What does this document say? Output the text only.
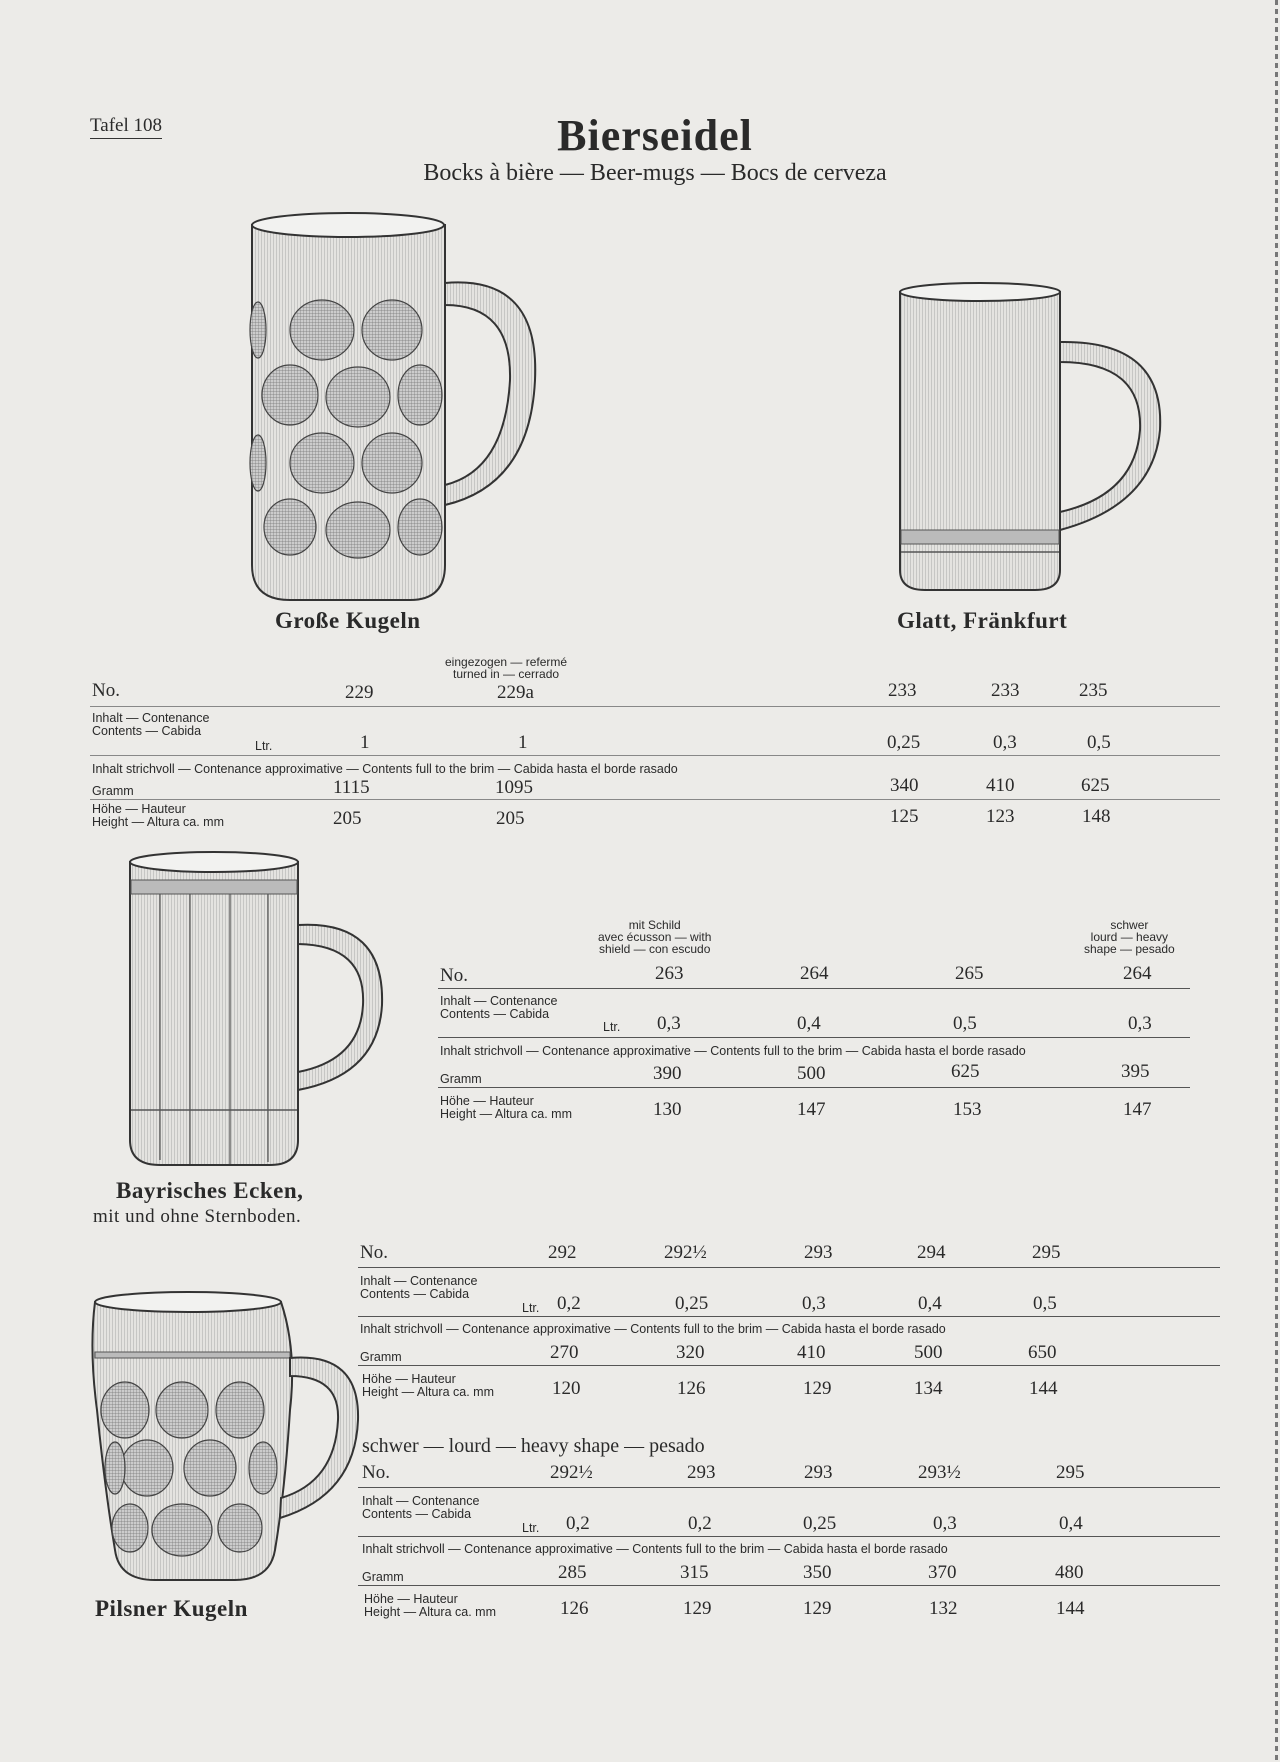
Tafel 108	Bierseidel
Bocks à bière — Beer-mugs — Bocs de cerveza
Große Kugeln	Glatt, Fränkfurt
eingezogen — refermé
turned in — cerrado
No.	229	229a	233	233	235
Inhalt — Contenance
Contents — Cabida
Ltr.	1	1	0,25	0,3	0,5
Inhalt strichvoll — Contenance approximative — Contents full to the brim — Cabida hasta el borde rasado
Gramm	1115	1095	340	410	625
Höhe — Hauteur
Height — Altura ca. mm	205	205	125	123	148
Bayrisches Ecken,
mit und ohne Sternboden.
mit Schild
avec écusson — with
shield — con escudo
schwer
lourd — heavy
shape — pesado
No.	263	264	265	264
Inhalt — Contenance
Contents — Cabida
Ltr. 0,3	0,4	0,5	0,3
Inhalt strichvoll — Contenance approximative — Contents full to the brim — Cabida hasta el borde rasado
Gramm	390	500	625	395
Höhe — Hauteur
Height — Altura ca. mm	130	147	153	147
Pilsner Kugeln
No.	292	292½	293	294	295
Inhalt — Contenance
Contents — Cabida
Ltr. 0,2	0,25	0,3	0,4	0,5
Inhalt strichvoll — Contenance approximative — Contents full to the brim — Cabida hasta el borde rasado
Gramm	270	320	410	500	650
Höhe — Hauteur
Height — Altura ca. mm	120	126	129	134	144
schwer — lourd — heavy shape — pesado
No.	292½	293	293	293½	295
Inhalt — Contenance
Contents — Cabida
Ltr. 0,2	0,2	0,25	0,3	0,4
Inhalt strichvoll — Contenance approximative — Contents full to the brim — Cabida hasta el borde rasado
Gramm	285	315	350	370	480
Höhe — Hauteur
Height — Altura ca. mm	126	129	129	132	144
